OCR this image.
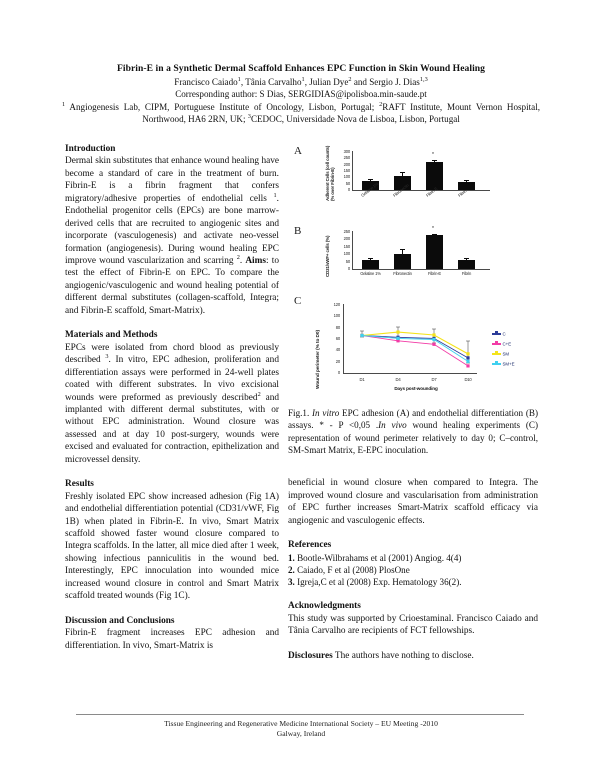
Fibrin-E in a Synthetic Dermal Scaffold Enhances EPC Function in Skin Wound Healing
Francisco Caiado$^1$, Tânia Carvalho$^1$, Julian Dye$^2$ and Sergio J. Dias$^{1,3}$
Corresponding author: S Dias, SERGIDIAS@ipolisboa.min-saude.pt
$^1$ Angiogenesis Lab, CIPM, Portuguese Institute of Oncology, Lisbon, Portugal; $^2$RAFT Institute, Mount Vernon Hospital, Northwood, HA6 2RN, UK; $^3$CEDOC, Universidade Nova de Lisboa, Lisbon, Portugal
Introduction

Dermal skin substitutes that enhance wound healing have become a standard of care in the treatment of burn. Fibrin-E is a fibrin fragment that confers migratory/adhesive properties of endothelial cells $^1$. Endothelial progenitor cells (EPCs) are bone marrow-derived cells that are recruited to angiogenic sites and incorporate (vasculogenesis) and activate neo-vessel formation (angiogenesis). During wound healing EPC improve wound vascularization and scarring $^2$. Aims: to test the effect of Fibrin-E on EPC. To compare the angiogenic/vasculogenic and wound healing potential of different dermal substitutes (collagen-scaffold, Integra; and Fibrin-E scaffold, Smart-Matrix).

Materials and Methods

EPCs were isolated from chord blood as previously described $^3$. In vitro, EPC adhesion, proliferation and differentiation assays were performed in 24-well plates coated with different substrates. In vivo excisional wounds were preformed as previously described$^2$ and implanted with different dermal substitutes, with or without EPC administration. Wound closure was assessed and at day 10 post-surgery, wounds were excised and evaluated for contraction, epithelization and microvessel density.

Results

Freshly isolated EPC show increased adhesion (Fig 1A) and endothelial differentiation potential (CD31/vWF, Fig 1B) when plated in Fibrin-E. In vivo, Smart Matrix scaffold showed faster wound closure compared to Integra scaffolds. In the latter, all mice died after 1 week, showing infectious panniculitis in the wound bed. Interestingly, EPC innoculation into wounded mice increased wound closure in control and Smart Matrix scaffold treated wounds (Fig 1C).

Discussion and Conclusions

Fibrin-E fragment increases EPC adhesion and differentiation. In vivo, Smart-Matrix is

A	Adherent Cells (cell counts)
(% over Fibrin-E)
300
250
200
150
100
50
0
*
Gelatine 1%	Fibronectin	Fibrin-E	Fibrin
B
CD31/vWF+ cells (%)
250
200
150
100
50
0
*
Gelatine 1%	Fibronectin	Fibrin-E	Fibrin
C
Wound perimeter (% to D0)
120
100
80
60
40
20
0
D1	D4	D7	D10
Days post-wounding
C
C+E
SM
SM+E

Fig.1. In vitro EPC adhesion (A) and endothelial differentiation (B) assays. * - P <0,05 .In vivo wound healing experiments (C) representation of wound perimeter relatively to day 0; C–control, SM-Smart Matrix, E-EPC inoculation.

beneficial in wound closure when compared to Integra. The improved wound closure and vascularisation from administration of EPC further increases Smart-Matrix scaffold efficacy via angiogenic and vasculogenic effects.

References
1. Bootle-Wilbrahams et al (2001) Angiog. 4(4)
2. Caiado, F et al (2008) PlosOne
3. Igreja,C et al (2008) Exp. Hematology 36(2).
Acknowledgments

This study was supported by Crioestaminal. Francisco Caiado and Tânia Carvalho are recipients of FCT fellowships.

Disclosures The authors have nothing to disclose.

Tissue Engineering and Regenerative Medicine International Society – EU Meeting -2010
Galway, Ireland
